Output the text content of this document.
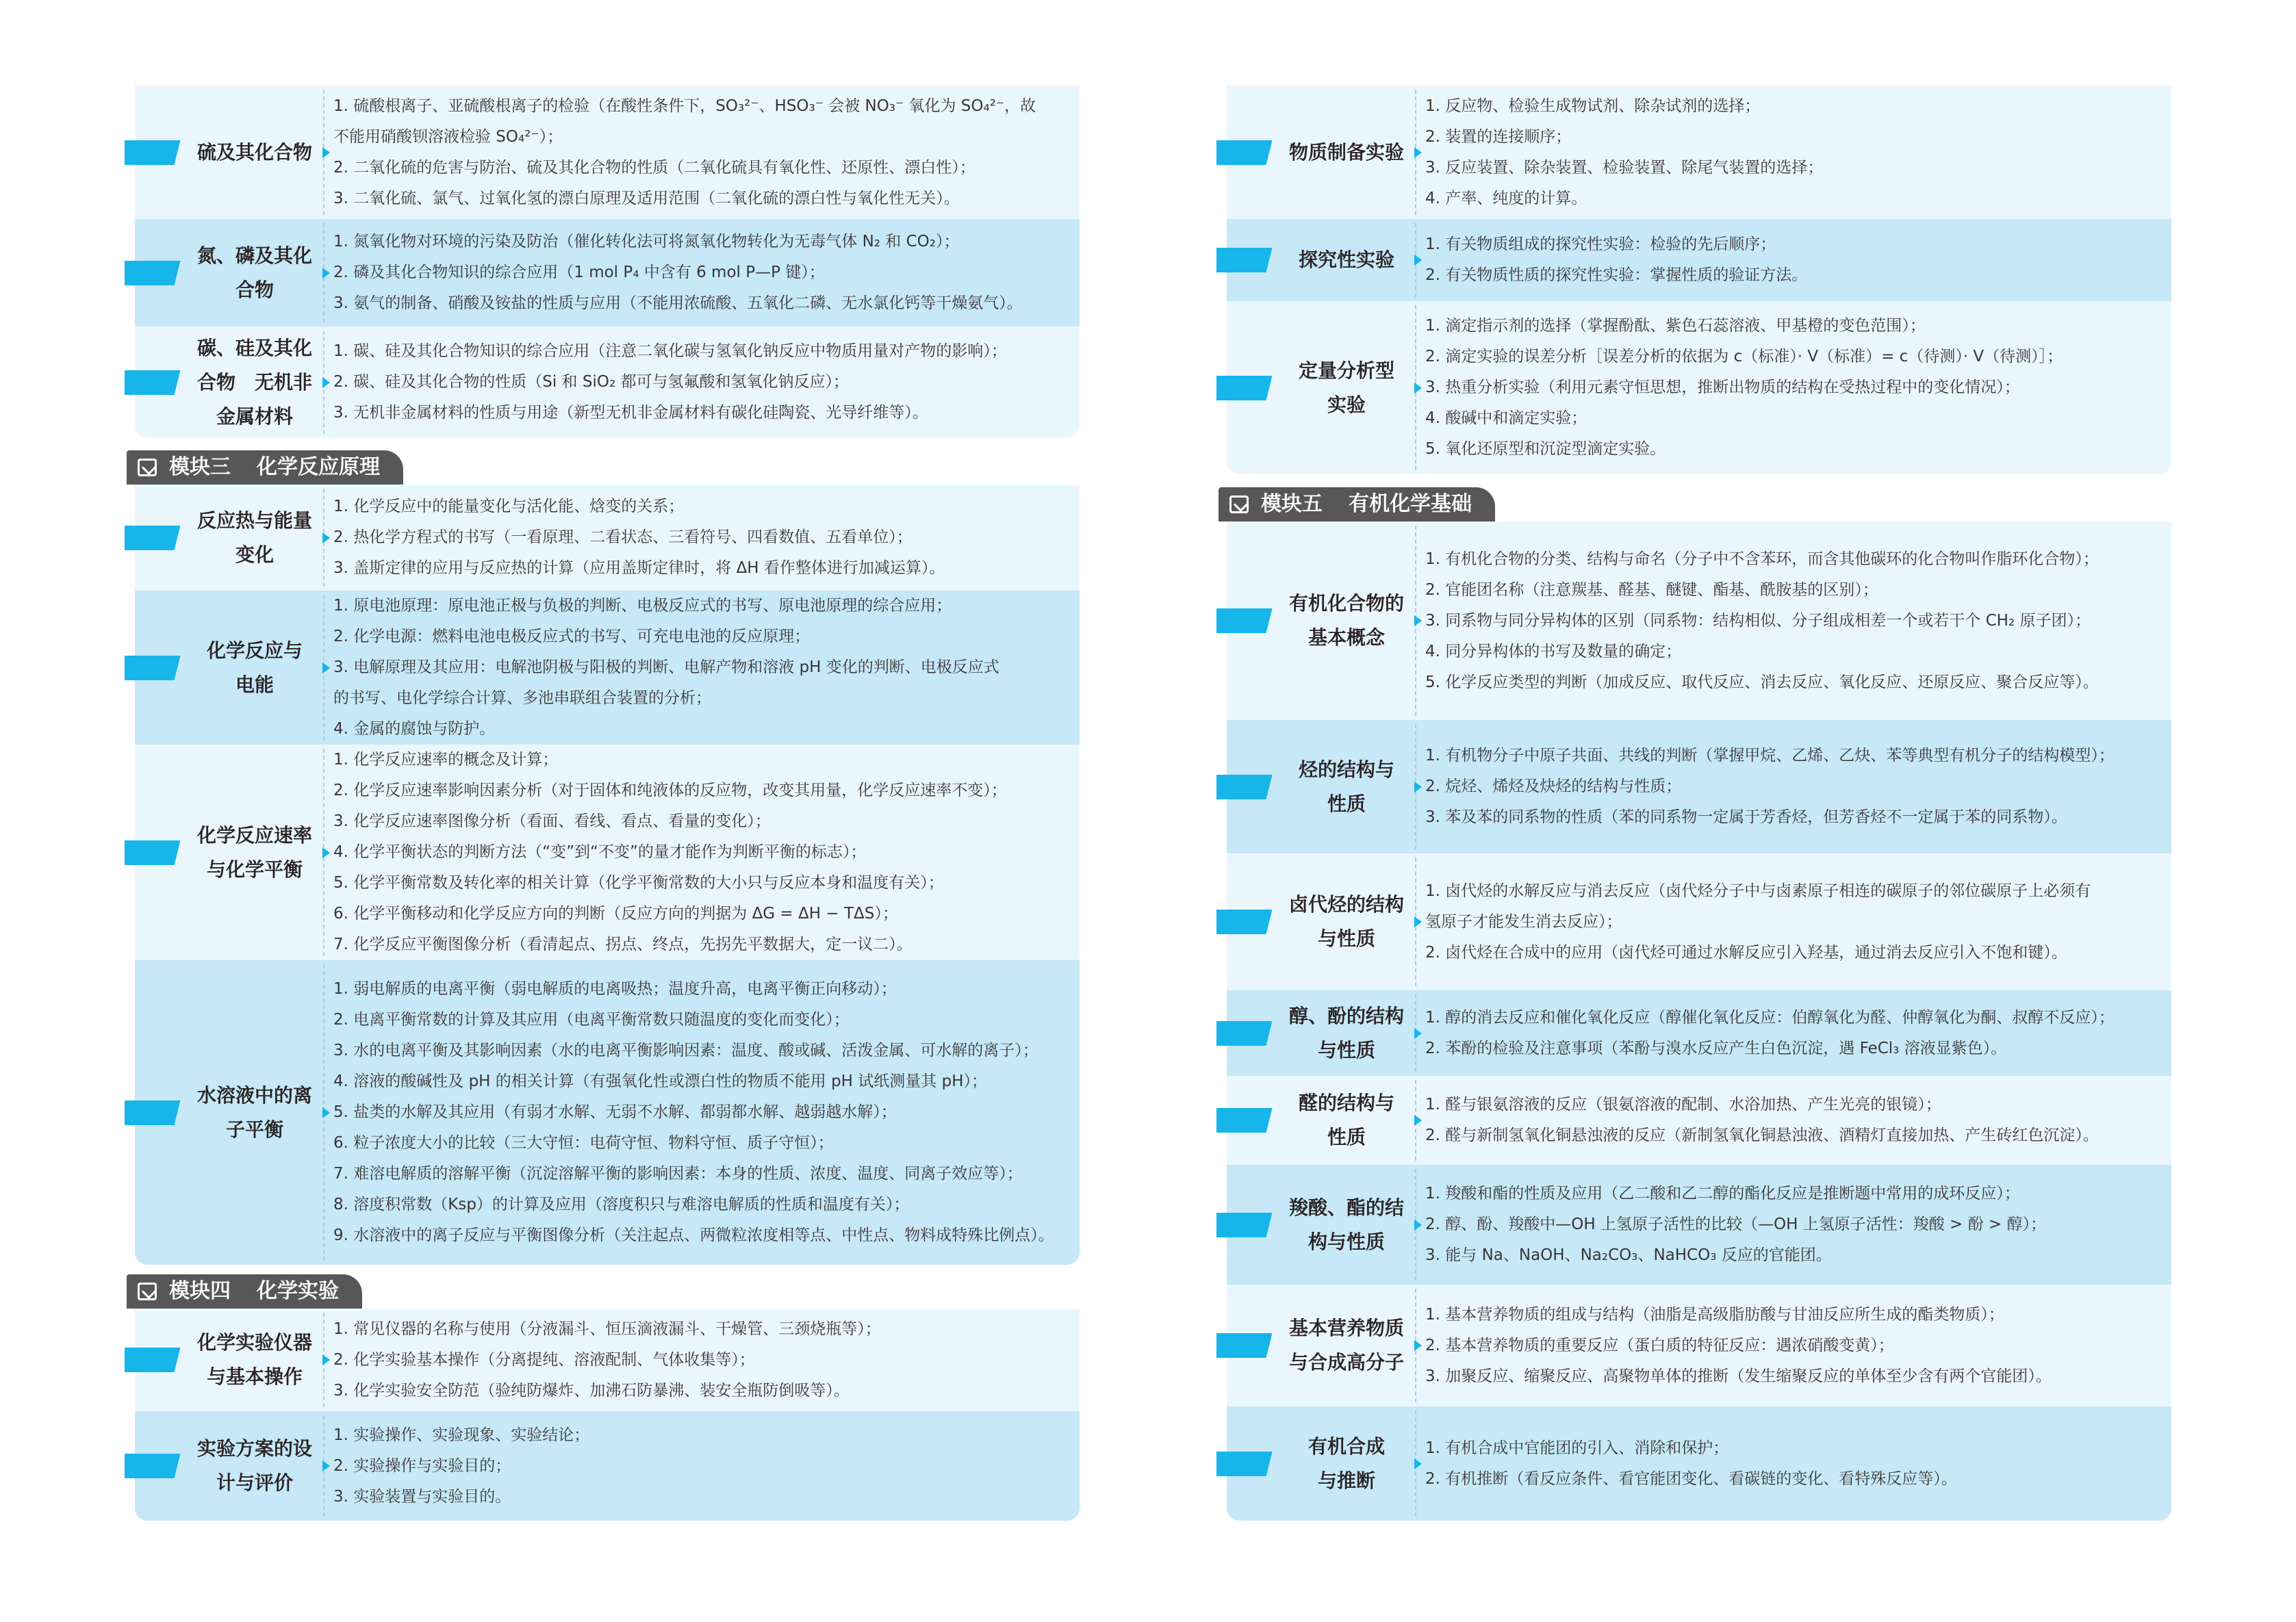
硫及其化合物
1. 硫酸根离子、亚硫酸根离子的检验（在酸性条件下，SO₃²⁻、HSO₃⁻ 会被 NO₃⁻ 氧化为 SO₄²⁻，故
不能用硝酸钡溶液检验 SO₄²⁻）；
2. 二氧化硫的危害与防治、硫及其化合物的性质（二氧化硫具有氧化性、还原性、漂白性）；
3. 二氧化硫、氯气、过氧化氢的漂白原理及适用范围（二氧化硫的漂白性与氧化性无关）。
氮、磷及其化
合物
1. 氮氧化物对环境的污染及防治（催化转化法可将氮氧化物转化为无毒气体 N₂ 和 CO₂）；
2. 磷及其化合物知识的综合应用（1 mol P₄ 中含有 6 mol P—P 键）；
3. 氨气的制备、硝酸及铵盐的性质与应用（不能用浓硫酸、五氧化二磷、无水氯化钙等干燥氨气）。
碳、硅及其化
合物　无机非
金属材料
1. 碳、硅及其化合物知识的综合应用（注意二氧化碳与氢氧化钠反应中物质用量对产物的影响）；
2. 碳、硅及其化合物的性质（Si 和 SiO₂ 都可与氢氟酸和氢氧化钠反应）；
3. 无机非金属材料的性质与用途（新型无机非金属材料有碳化硅陶瓷、光导纤维等）。
模块三 化学反应原理
反应热与能量
变化
1. 化学反应中的能量变化与活化能、焓变的关系；
2. 热化学方程式的书写（一看原理、二看状态、三看符号、四看数值、五看单位）；
3. 盖斯定律的应用与反应热的计算（应用盖斯定律时，将 ΔH 看作整体进行加减运算）。
化学反应与
电能
1. 原电池原理：原电池正极与负极的判断、电极反应式的书写、原电池原理的综合应用；
2. 化学电源：燃料电池电极反应式的书写、可充电电池的反应原理；
3. 电解原理及其应用：电解池阴极与阳极的判断、电解产物和溶液 pH 变化的判断、电极反应式
的书写、电化学综合计算、多池串联组合装置的分析；
4. 金属的腐蚀与防护。
化学反应速率
与化学平衡
1. 化学反应速率的概念及计算；
2. 化学反应速率影响因素分析（对于固体和纯液体的反应物，改变其用量，化学反应速率不变）；
3. 化学反应速率图像分析（看面、看线、看点、看量的变化）；
4. 化学平衡状态的判断方法（“变”到“不变”的量才能作为判断平衡的标志）；
5. 化学平衡常数及转化率的相关计算（化学平衡常数的大小只与反应本身和温度有关）；
6. 化学平衡移动和化学反应方向的判断（反应方向的判据为 ΔG = ΔH − TΔS）；
7. 化学反应平衡图像分析（看清起点、拐点、终点，先拐先平数据大，定一议二）。
水溶液中的离
子平衡
1. 弱电解质的电离平衡（弱电解质的电离吸热；温度升高，电离平衡正向移动）；
2. 电离平衡常数的计算及其应用（电离平衡常数只随温度的变化而变化）；
3. 水的电离平衡及其影响因素（水的电离平衡影响因素：温度、酸或碱、活泼金属、可水解的离子）；
4. 溶液的酸碱性及 pH 的相关计算（有强氧化性或漂白性的物质不能用 pH 试纸测量其 pH）；
5. 盐类的水解及其应用（有弱才水解、无弱不水解、都弱都水解、越弱越水解）；
6. 粒子浓度大小的比较（三大守恒：电荷守恒、物料守恒、质子守恒）；
7. 难溶电解质的溶解平衡（沉淀溶解平衡的影响因素：本身的性质、浓度、温度、同离子效应等）；
8. 溶度积常数（Ksp）的计算及应用（溶度积只与难溶电解质的性质和温度有关）；
9. 水溶液中的离子反应与平衡图像分析（关注起点、两微粒浓度相等点、中性点、物料成特殊比例点）。
模块四 化学实验
化学实验仪器
与基本操作
1. 常见仪器的名称与使用（分液漏斗、恒压滴液漏斗、干燥管、三颈烧瓶等）；
2. 化学实验基本操作（分离提纯、溶液配制、气体收集等）；
3. 化学实验安全防范（验纯防爆炸、加沸石防暴沸、装安全瓶防倒吸等）。
实验方案的设
计与评价
1. 实验操作、实验现象、实验结论；
2. 实验操作与实验目的；
3. 实验装置与实验目的。
物质制备实验
1. 反应物、检验生成物试剂、除杂试剂的选择；
2. 装置的连接顺序；
3. 反应装置、除杂装置、检验装置、除尾气装置的选择；
4. 产率、纯度的计算。
探究性实验
1. 有关物质组成的探究性实验：检验的先后顺序；
2. 有关物质性质的探究性实验：掌握性质的验证方法。
定量分析型
实验
1. 滴定指示剂的选择（掌握酚酞、紫色石蕊溶液、甲基橙的变色范围）；
2. 滴定实验的误差分析［误差分析的依据为 c（标准）· V（标准）= c（待测）· V（待测）］；
3. 热重分析实验（利用元素守恒思想，推断出物质的结构在受热过程中的变化情况）；
4. 酸碱中和滴定实验；
5. 氧化还原型和沉淀型滴定实验。
模块五 有机化学基础
有机化合物的
基本概念
1. 有机化合物的分类、结构与命名（分子中不含苯环，而含其他碳环的化合物叫作脂环化合物）；
2. 官能团名称（注意羰基、醛基、醚键、酯基、酰胺基的区别）；
3. 同系物与同分异构体的区别（同系物：结构相似、分子组成相差一个或若干个 CH₂ 原子团）；
4. 同分异构体的书写及数量的确定；
5. 化学反应类型的判断（加成反应、取代反应、消去反应、氧化反应、还原反应、聚合反应等）。
烃的结构与
性质
1. 有机物分子中原子共面、共线的判断（掌握甲烷、乙烯、乙炔、苯等典型有机分子的结构模型）；
2. 烷烃、烯烃及炔烃的结构与性质；
3. 苯及苯的同系物的性质（苯的同系物一定属于芳香烃，但芳香烃不一定属于苯的同系物）。
卤代烃的结构
与性质
1. 卤代烃的水解反应与消去反应（卤代烃分子中与卤素原子相连的碳原子的邻位碳原子上必须有
氢原子才能发生消去反应）；
2. 卤代烃在合成中的应用（卤代烃可通过水解反应引入羟基，通过消去反应引入不饱和键）。
醇、酚的结构
与性质
1. 醇的消去反应和催化氧化反应（醇催化氧化反应：伯醇氧化为醛、仲醇氧化为酮、叔醇不反应）；
2. 苯酚的检验及注意事项（苯酚与溴水反应产生白色沉淀，遇 FeCl₃ 溶液显紫色）。
醛的结构与
性质
1. 醛与银氨溶液的反应（银氨溶液的配制、水浴加热、产生光亮的银镜）；
2. 醛与新制氢氧化铜悬浊液的反应（新制氢氧化铜悬浊液、酒精灯直接加热、产生砖红色沉淀）。
羧酸、酯的结
构与性质
1. 羧酸和酯的性质及应用（乙二酸和乙二醇的酯化反应是推断题中常用的成环反应）；
2. 醇、酚、羧酸中—OH 上氢原子活性的比较（—OH 上氢原子活性：羧酸 > 酚 > 醇）；
3. 能与 Na、NaOH、Na₂CO₃、NaHCO₃ 反应的官能团。
基本营养物质
与合成高分子
1. 基本营养物质的组成与结构（油脂是高级脂肪酸与甘油反应所生成的酯类物质）；
2. 基本营养物质的重要反应（蛋白质的特征反应：遇浓硝酸变黄）；
3. 加聚反应、缩聚反应、高聚物单体的推断（发生缩聚反应的单体至少含有两个官能团）。
有机合成
与推断
1. 有机合成中官能团的引入、消除和保护；
2. 有机推断（看反应条件、看官能团变化、看碳链的变化、看特殊反应等）。
